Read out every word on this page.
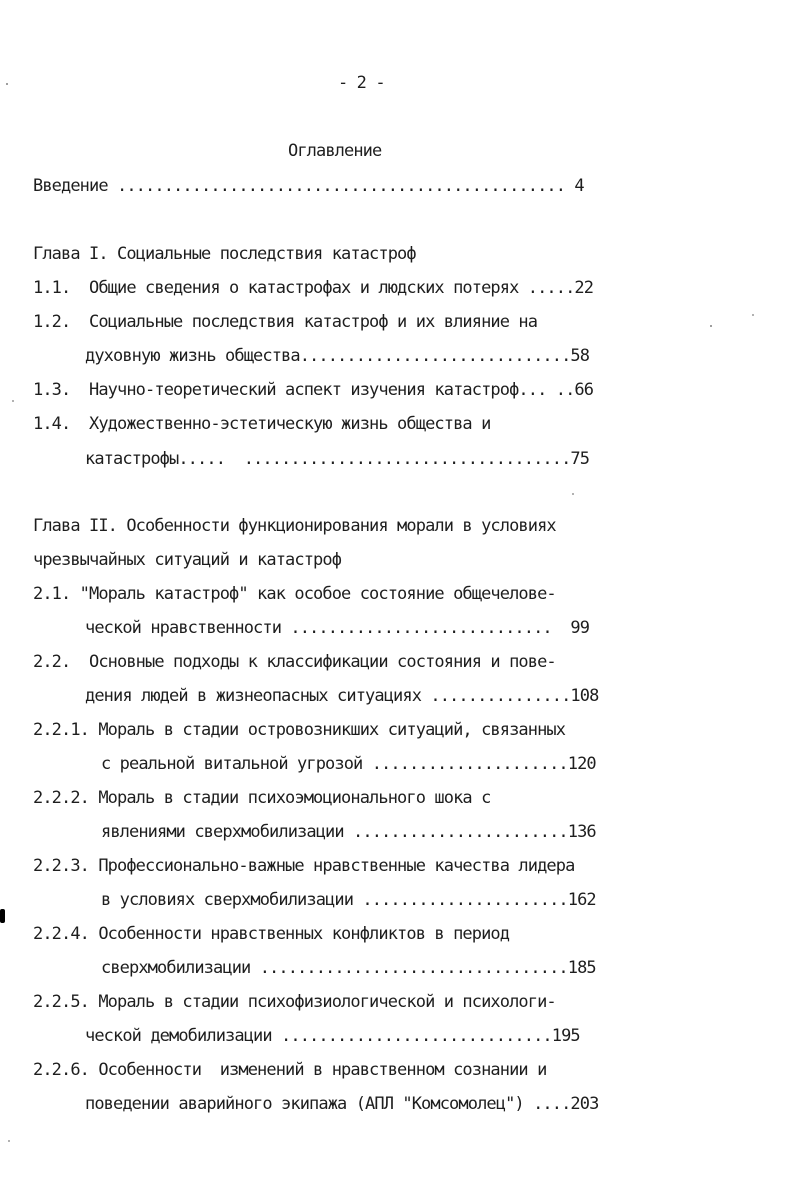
- 2 -
Оглавление
Введение ................................................ 4
Глава I. Социальные последствия катастроф
1.1.  Общие сведения о катастрофах и людских потерях .....22
1.2.  Социальные последствия катастроф и их влияние на
духовную жизнь общества.............................58
1.3.  Научно-теоретический аспект изучения катастроф... ..66
1.4.  Художественно-эстетическую жизнь общества и
катастрофы.....  ...................................75
Глава II. Особенности функционирования морали в условиях
чрезвычайных ситуаций и катастроф
2.1. "Мораль катастроф" как особое состояние общечелове-
ческой нравственности ............................  99
2.2.  Основные подходы к классификации состояния и пове-
дения людей в жизнеопасных ситуациях ...............108
2.2.1. Мораль в стадии островозникших ситуаций, связанных
с реальной витальной угрозой .....................120
2.2.2. Мораль в стадии психоэмоционального шока с
явлениями сверхмобилизации .......................136
2.2.3. Профессионально-важные нравственные качества лидера
в условиях сверхмобилизации ......................162
2.2.4. Особенности нравственных конфликтов в период
сверхмобилизации .................................185
2.2.5. Мораль в стадии психофизиологической и психологи-
ческой демобилизации .............................195
2.2.6. Особенности  изменений в нравственном сознании и
поведении аварийного экипажа (АПЛ "Комсомолец") ....203
